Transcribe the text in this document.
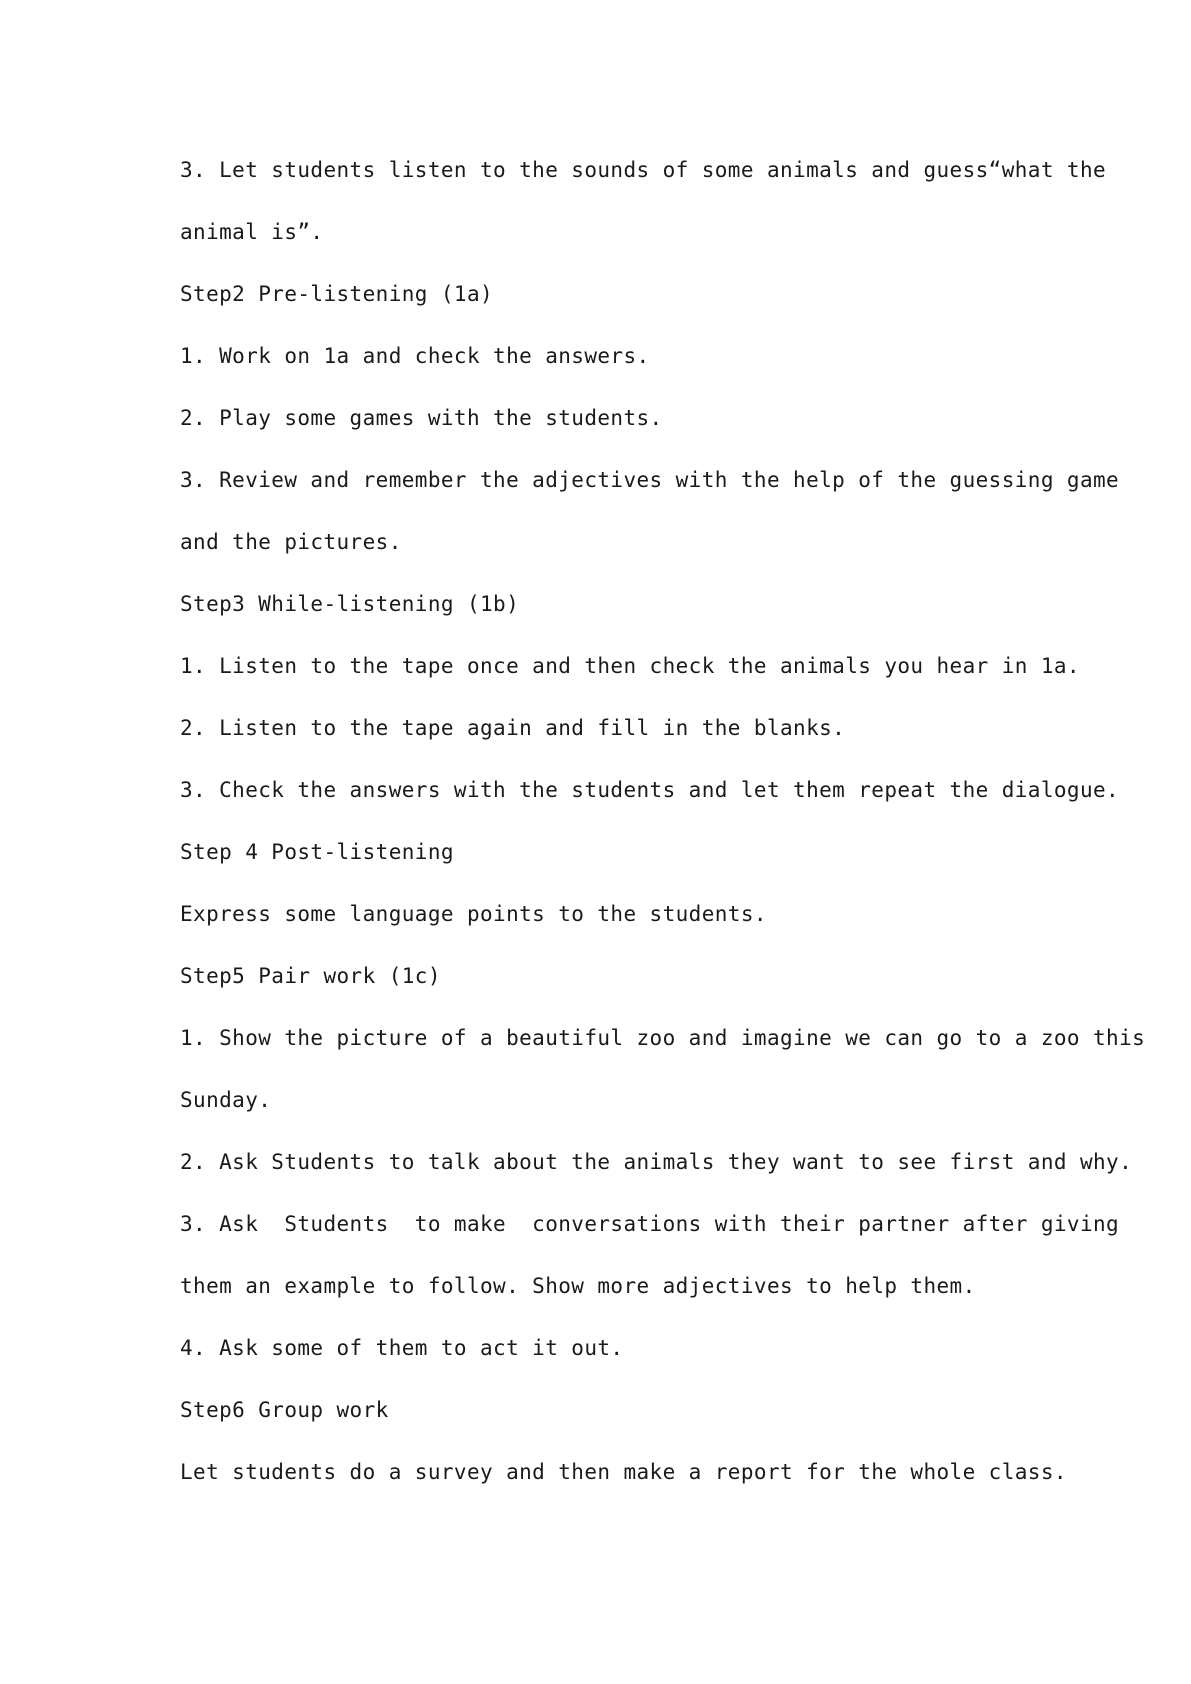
3. Let students listen to the sounds of some animals and guess“what the
animal is”.
Step2 Pre-listening (1a)
1. Work on 1a and check the answers.
2. Play some games with the students.
3. Review and remember the adjectives with the help of the guessing game
and the pictures.
Step3 While-listening (1b)
1. Listen to the tape once and then check the animals you hear in 1a.
2. Listen to the tape again and fill in the blanks.
3. Check the answers with the students and let them repeat the dialogue.
Step 4 Post-listening
Express some language points to the students.
Step5 Pair work (1c)
1. Show the picture of a beautiful zoo and imagine we can go to a zoo this
Sunday.
2. Ask Students to talk about the animals they want to see first and why.
3. Ask  Students  to make  conversations with their partner after giving
them an example to follow. Show more adjectives to help them.
4. Ask some of them to act it out.
Step6 Group work
Let students do a survey and then make a report for the whole class.
